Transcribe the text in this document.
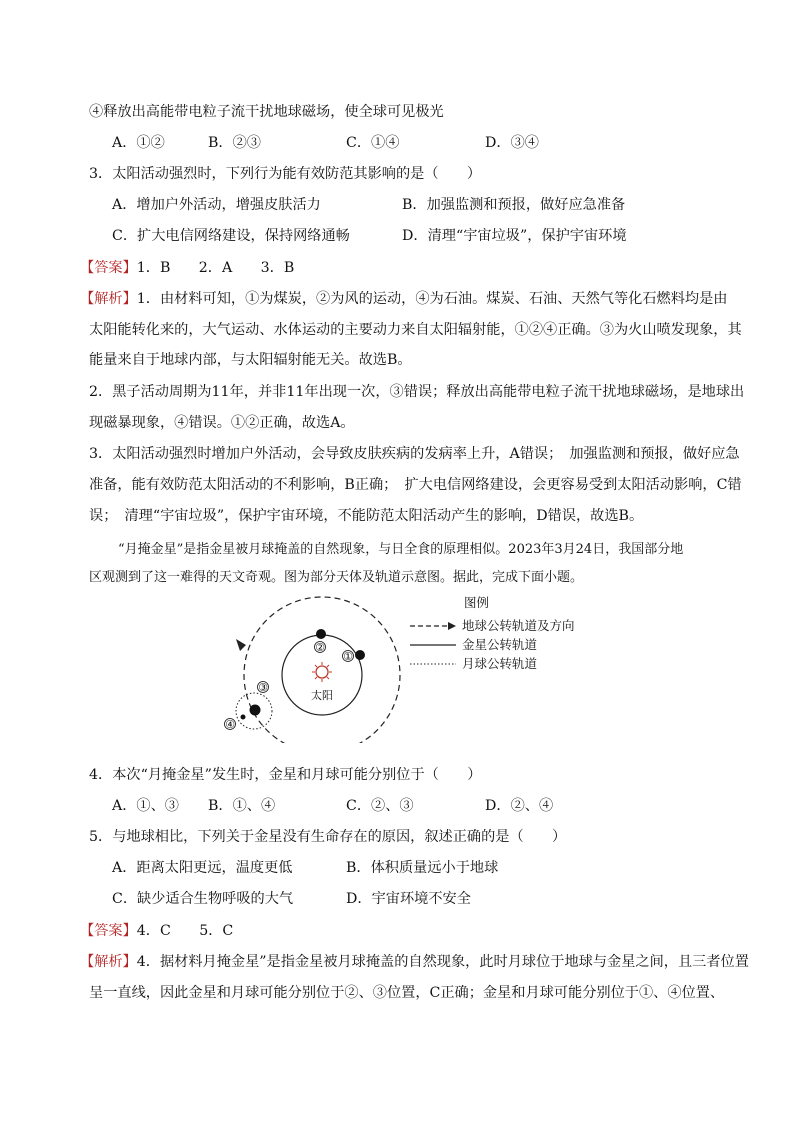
④释放出高能带电粒子流干扰地球磁场，使全球可见极光
A．①②	B．②③	C．①④	D．③④
3．太阳活动强烈时，下列行为能有效防范其影响的是（　　）
A．增加户外活动，增强皮肤活力	B．加强监测和预报，做好应急准备
C．扩大电信网络建设，保持网络通畅	D．清理“宇宙垃圾”，保护宇宙环境
【答案】1．B　　2．A　　3．B
【解析】1．由材料可知，①为煤炭，②为风的运动，④为石油。煤炭、石油、天然气等化石燃料均是由
太阳能转化来的，大气运动、水体运动的主要动力来自太阳辐射能，①②④正确。③为火山喷发现象，其
能量来自于地球内部，与太阳辐射能无关。故选B。
2．黑子活动周期为11年，并非11年出现一次，③错误；释放出高能带电粒子流干扰地球磁场，是地球出
现磁暴现象，④错误。①②正确，故选A。
3．太阳活动强烈时增加户外活动，会导致皮肤疾病的发病率上升，A错误；　加强监测和预报，做好应急
准备，能有效防范太阳活动的不利影响，B正确；　扩大电信网络建设，会更容易受到太阳活动影响，C错
误；　清理“宇宙垃圾”，保护宇宙环境，不能防范太阳活动产生的影响，D错误，故选B。
“月掩金星”是指金星被月球掩盖的自然现象，与日全食的原理相似。2023年3月24日，我国部分地
区观测到了这一难得的天文奇观。图为部分天体及轨道示意图。据此，完成下面小题。
太阳
①
②
③
④
图例
地球公转轨道及方向
金星公转轨道
月球公转轨道
4．本次“月掩金星”发生时，金星和月球可能分别位于（　　）
A．①、③ B．①、④	C．②、③	D．②、④
5．与地球相比，下列关于金星没有生命存在的原因，叙述正确的是（　　）
A．距离太阳更远，温度更低	B．体积质量远小于地球
C．缺少适合生物呼吸的大气	D．宇宙环境不安全
【答案】4．C　　5．C
【解析】4．据材料月掩金星”是指金星被月球掩盖的自然现象，此时月球位于地球与金星之间，且三者位置
呈一直线，因此金星和月球可能分别位于②、③位置，C正确；金星和月球可能分别位于①、④位置、
